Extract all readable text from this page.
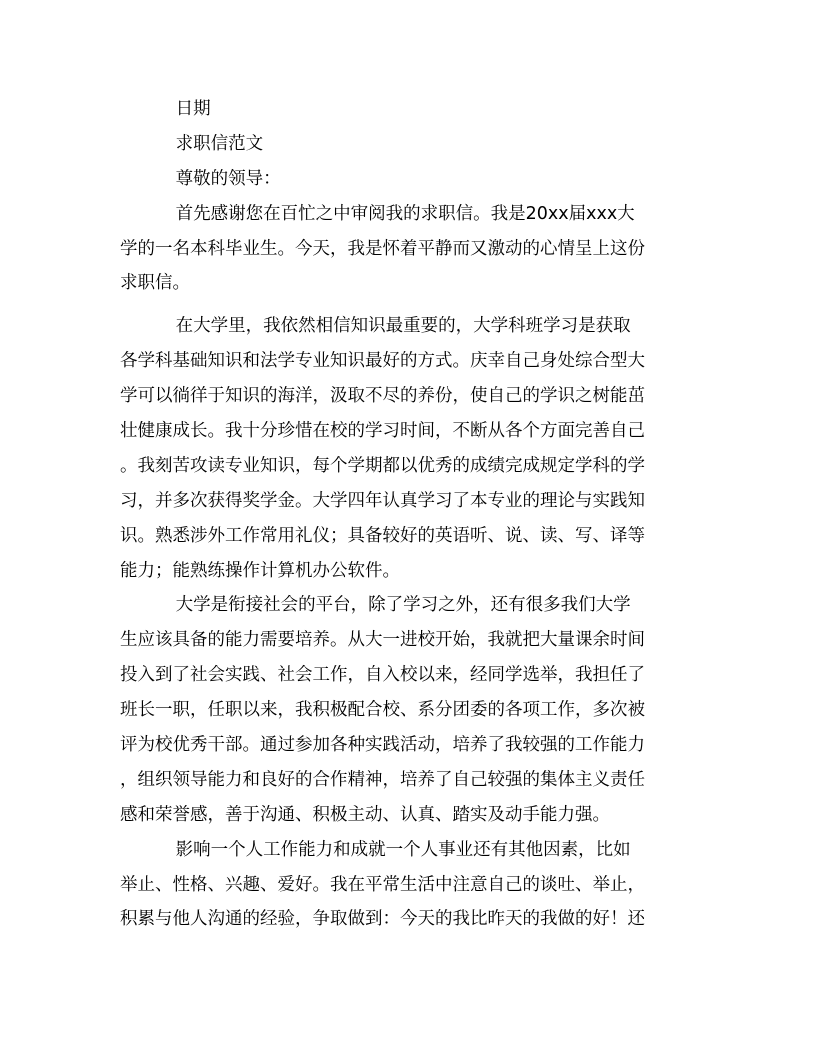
日期
求职信范文
尊敬的领导：
首先感谢您在百忙之中审阅我的求职信。我是20xx届xxx大
学的一名本科毕业生。今天，我是怀着平静而又激动的心情呈上这份
求职信。
在大学里，我依然相信知识最重要的，大学科班学习是获取
各学科基础知识和法学专业知识最好的方式。庆幸自己身处综合型大
学可以徜徉于知识的海洋，汲取不尽的养份，使自己的学识之树能茁
壮健康成长。我十分珍惜在校的学习时间，不断从各个方面完善自己
。我刻苦攻读专业知识，每个学期都以优秀的成绩完成规定学科的学
习，并多次获得奖学金。大学四年认真学习了本专业的理论与实践知
识。熟悉涉外工作常用礼仪；具备较好的英语听、说、读、写、译等
能力；能熟练操作计算机办公软件。
大学是衔接社会的平台，除了学习之外，还有很多我们大学
生应该具备的能力需要培养。从大一进校开始，我就把大量课余时间
投入到了社会实践、社会工作，自入校以来，经同学选举，我担任了
班长一职，任职以来，我积极配合校、系分团委的各项工作，多次被
评为校优秀干部。通过参加各种实践活动，培养了我较强的工作能力
，组织领导能力和良好的合作精神，培养了自己较强的集体主义责任
感和荣誉感，善于沟通、积极主动、认真、踏实及动手能力强。
影响一个人工作能力和成就一个人事业还有其他因素，比如
举止、性格、兴趣、爱好。我在平常生活中注意自己的谈吐、举止，
积累与他人沟通的经验，争取做到：今天的我比昨天的我做的好！还
